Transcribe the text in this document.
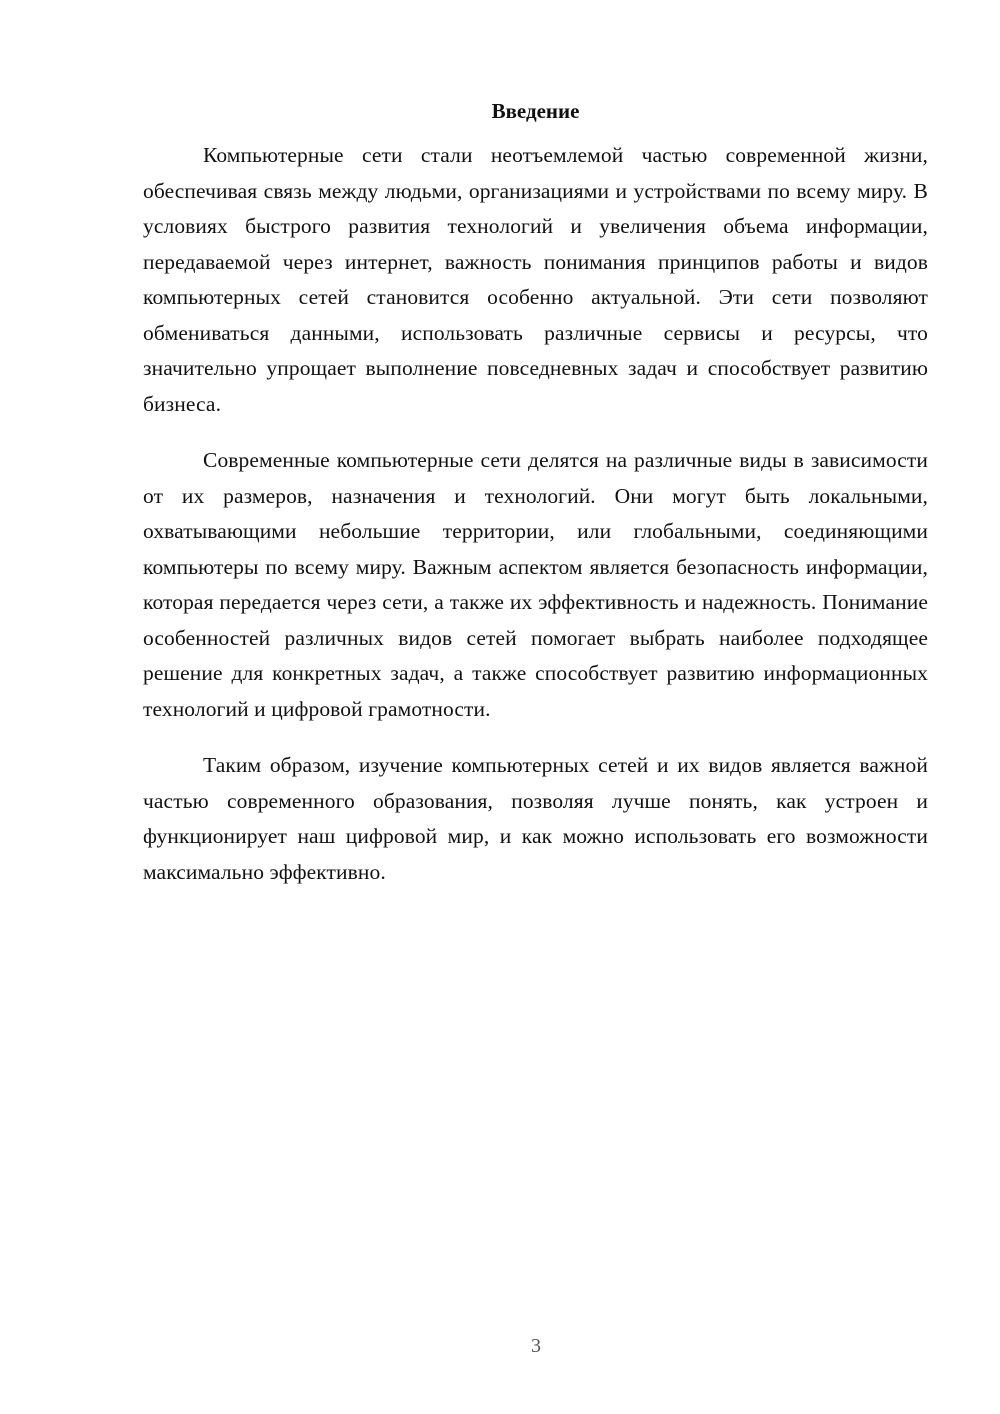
Введение

Компьютерные сети стали неотъемлемой частью современной жизни, обеспечивая связь между людьми, организациями и устройствами по всему миру. В условиях быстрого развития технологий и увеличения объема информации, передаваемой через интернет, важность понимания принципов работы и видов компьютерных сетей становится особенно актуальной. Эти сети позволяют обмениваться данными, использовать различные сервисы и ресурсы, что значительно упрощает выполнение повседневных задач и способствует развитию бизнеса.

Современные компьютерные сети делятся на различные виды в зависимости от их размеров, назначения и технологий. Они могут быть локальными, охватывающими небольшие территории, или глобальными, соединяющими компьютеры по всему миру. Важным аспектом является безопасность информации, которая передается через сети, а также их эффективность и надежность. Понимание особенностей различных видов сетей помогает выбрать наиболее подходящее решение для конкретных задач, а также способствует развитию информационных технологий и цифровой грамотности.

Таким образом, изучение компьютерных сетей и их видов является важной частью современного образования, позволяя лучше понять, как устроен и функционирует наш цифровой мир, и как можно использовать его возможности максимально эффективно.

3
